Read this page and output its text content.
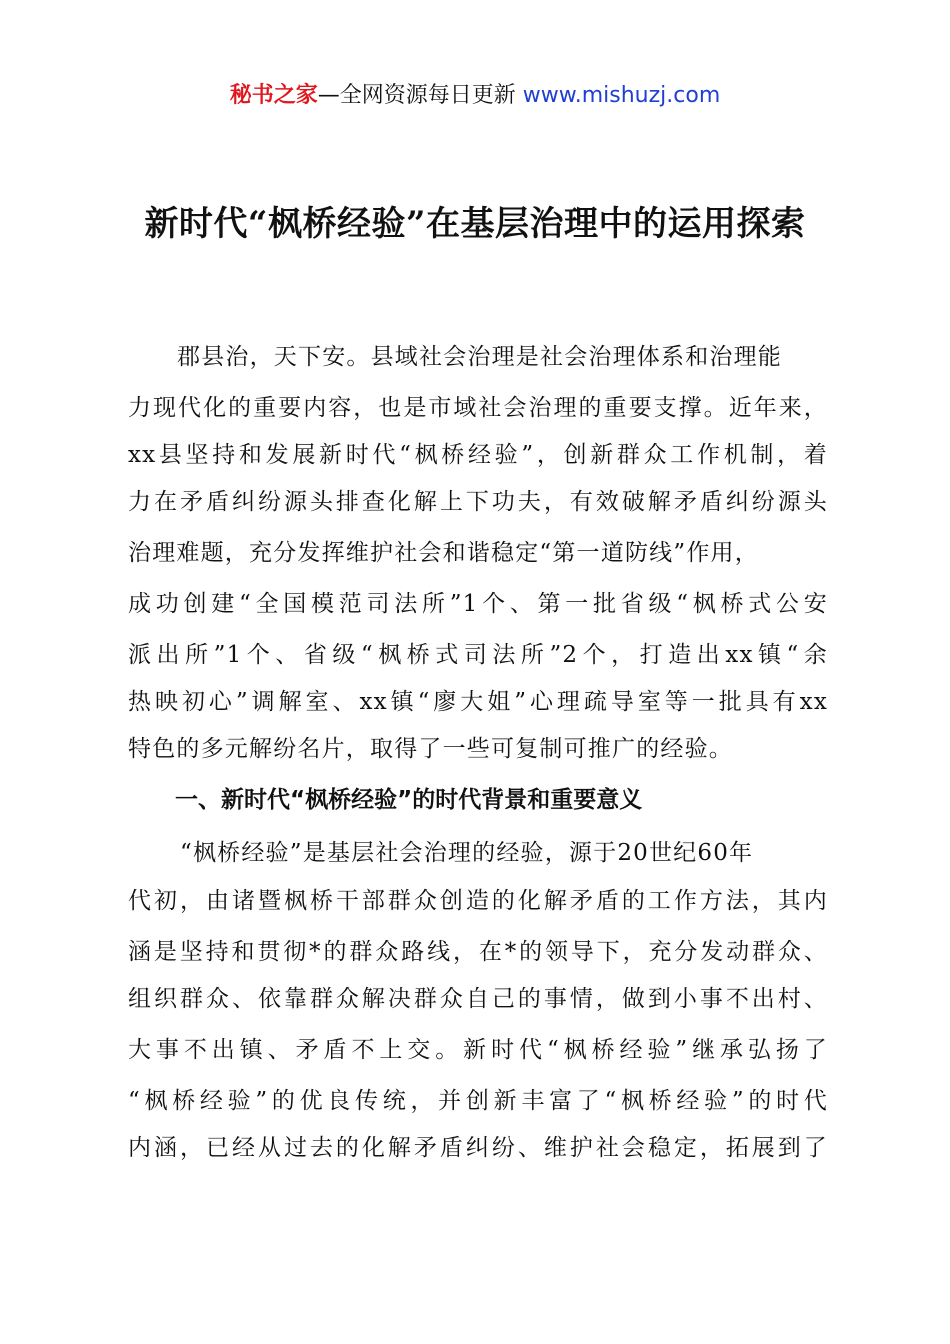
秘书之家—全网资源每日更新 www.mishuzj.com
新时代“枫桥经验”在基层治理中的运用探索
郡县治，天下安。县域社会治理是社会治理体系和治理能
力现代化的重要内容，也是市域社会治理的重要支撑。近年来，
xx县坚持和发展新时代“枫桥经验”，创新群众工作机制，着
力在矛盾纠纷源头排查化解上下功夫，有效破解矛盾纠纷源头
治理难题，充分发挥维护社会和谐稳定“第一道防线”作用，
成功创建“全国模范司法所”1个、第一批省级“枫桥式公安
派出所”1个、省级“枫桥式司法所”2个，打造出xx镇“余
热映初心”调解室、xx镇“廖大姐”心理疏导室等一批具有xx
特色的多元解纷名片，取得了一些可复制可推广的经验。
一、新时代“枫桥经验”的时代背景和重要意义
“枫桥经验”是基层社会治理的经验，源于20世纪60年
代初，由诸暨枫桥干部群众创造的化解矛盾的工作方法，其内
涵是坚持和贯彻*的群众路线，在*的领导下，充分发动群众、
组织群众、依靠群众解决群众自己的事情，做到小事不出村、
大事不出镇、矛盾不上交。新时代“枫桥经验”继承弘扬了
“枫桥经验”的优良传统，并创新丰富了“枫桥经验”的时代
内涵，已经从过去的化解矛盾纠纷、维护社会稳定，拓展到了
